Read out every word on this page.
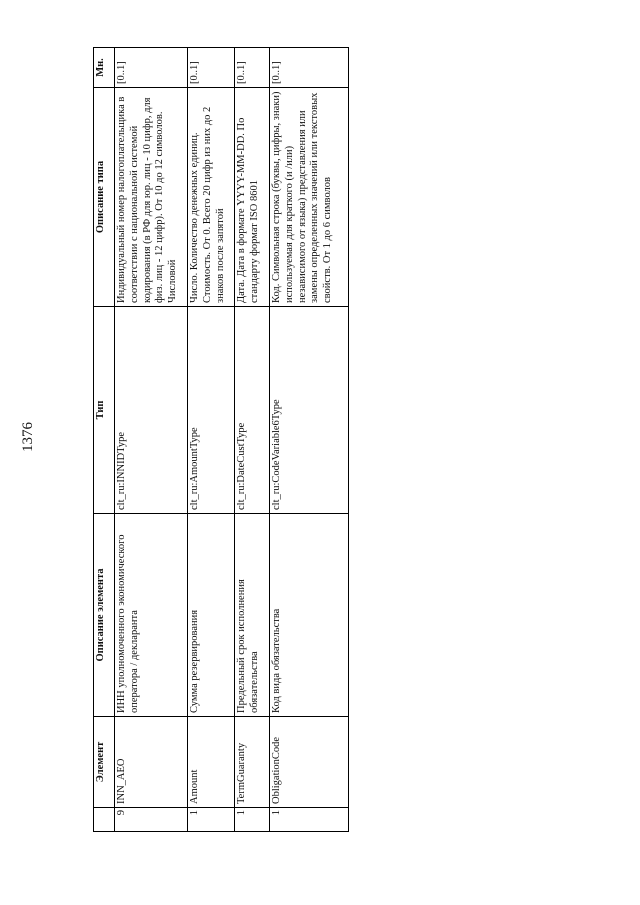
1376
	Элемент	Описание элемента	Тип	Описание типа	Мн.
9	INN_AEO	ИНН уполномоченного экономического оператора / декларанта	clt_ru:INNIDType	Индивидуальный номер налогоплательщика в соответствии с национальной системой кодирования (в РФ для юр. лиц - 10 цифр, для физ. лиц - 12 цифр). От 10 до 12 символов. Числовой	[0..1]
1	Amount	Сумма резервирования	clt_ru:AmountType	Число. Количество денежных единиц. Стоимость. От 0. Всего 20 цифр из них до 2 знаков после запятой	[0..1]
1	TermGuaranty	Предельный срок исполнения обязательства	clt_ru:DateCustType	Дата. Дата в формате YYYY-MM-DD. По стандарту формат ISO 8601	[0..1]
1	ObligationCode	Код вида обязательства	clt_ru:CodeVariable6Type	Код. Символьная строка (буквы, цифры, знаки) используемая для краткого (и /или) независимого от языка) представления или замены определенных значений или текстовых свойств. От 1 до 6 символов	[0..1]
